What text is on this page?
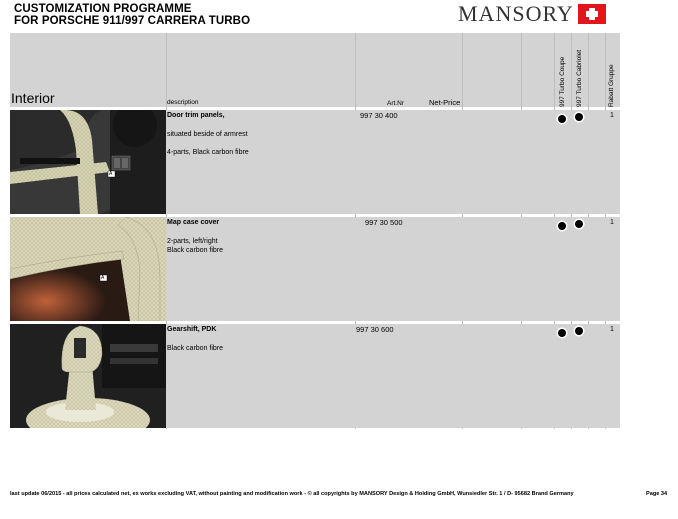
CUSTOMIZATION PROGRAMME
FOR PORSCHE 911/997 CARRERA TURBO	MANSORY
Interior	description	Art.Nr	Net-Price	997 Turbo Coupe	997 Turbo Cabriolet	Rabatt Gruppe
A
Door trim panels,
situated beside of armrest
4-parts, Black carbon fibre
997 30 400	1
A
Map case cover
2-parts, left/right
Black carbon fibre
997 30 500	1
Gearshift, PDK
Black carbon fibre
997 30 600	1
last update 06/2015 - all prices calculated net, ex works excluding VAT, without painting and modification work - © all copyrights by MANSORY Design & Holding GmbH, Wunsiedler Str. 1 / D- 95682 Brand Germany	Page 34
